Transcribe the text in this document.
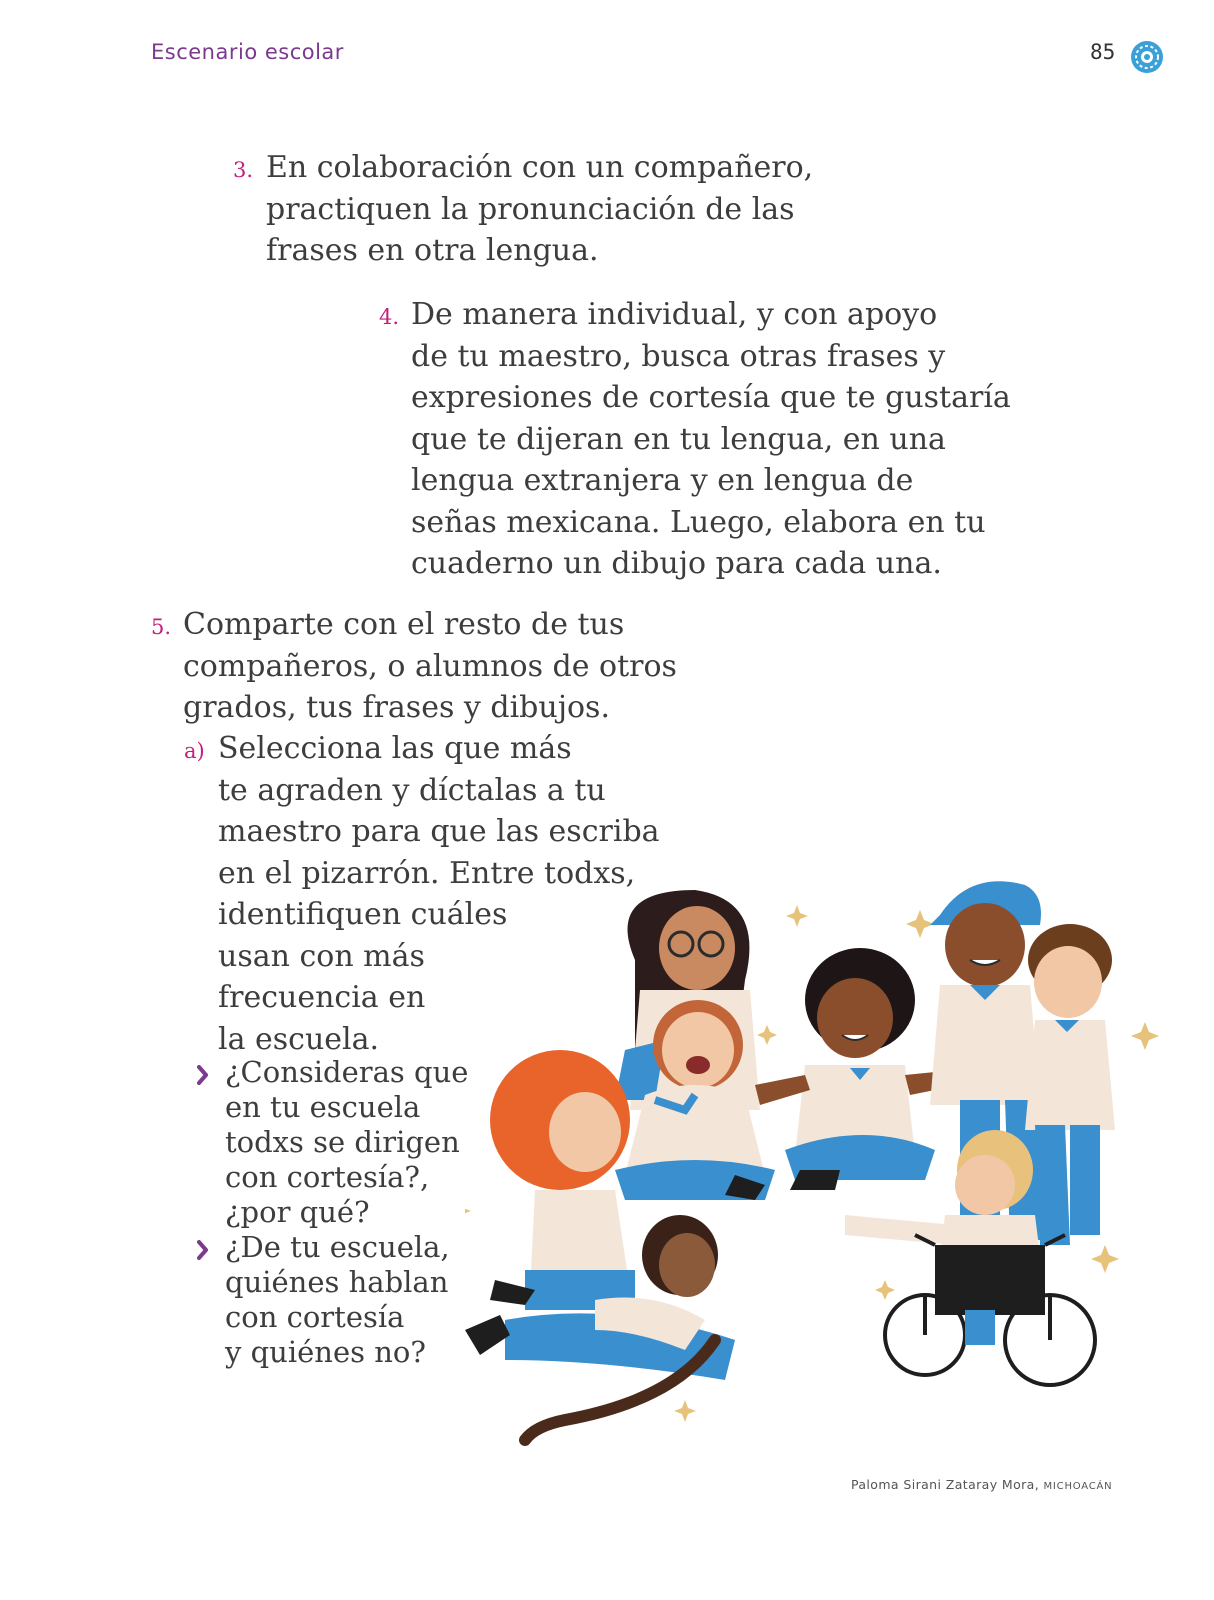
Escenario escolar	85
3. En colaboración con un compañero,
practiquen la pronunciación de las
frases en otra lengua.
4. De manera individual, y con apoyo
de tu maestro, busca otras frases y
expresiones de cortesía que te gustaría
que te dijeran en tu lengua, en una
lengua extranjera y en lengua de
señas mexicana. Luego, elabora en tu
cuaderno un dibujo para cada una.
5. Comparte con el resto de tus
compañeros, o alumnos de otros
grados, tus frases y dibujos.
a) Selecciona las que más
te agraden y díctalas a tu
maestro para que las escriba
en el pizarrón. Entre todxs,
identifiquen cuáles
usan con más
frecuencia en
la escuela.
¿Consideras que
en tu escuela
todxs se dirigen
con cortesía?,
¿por qué?
¿De tu escuela,
quiénes hablan
con cortesía
y quiénes no?
Paloma Sirani Zataray Mora, MICHOACÁN
